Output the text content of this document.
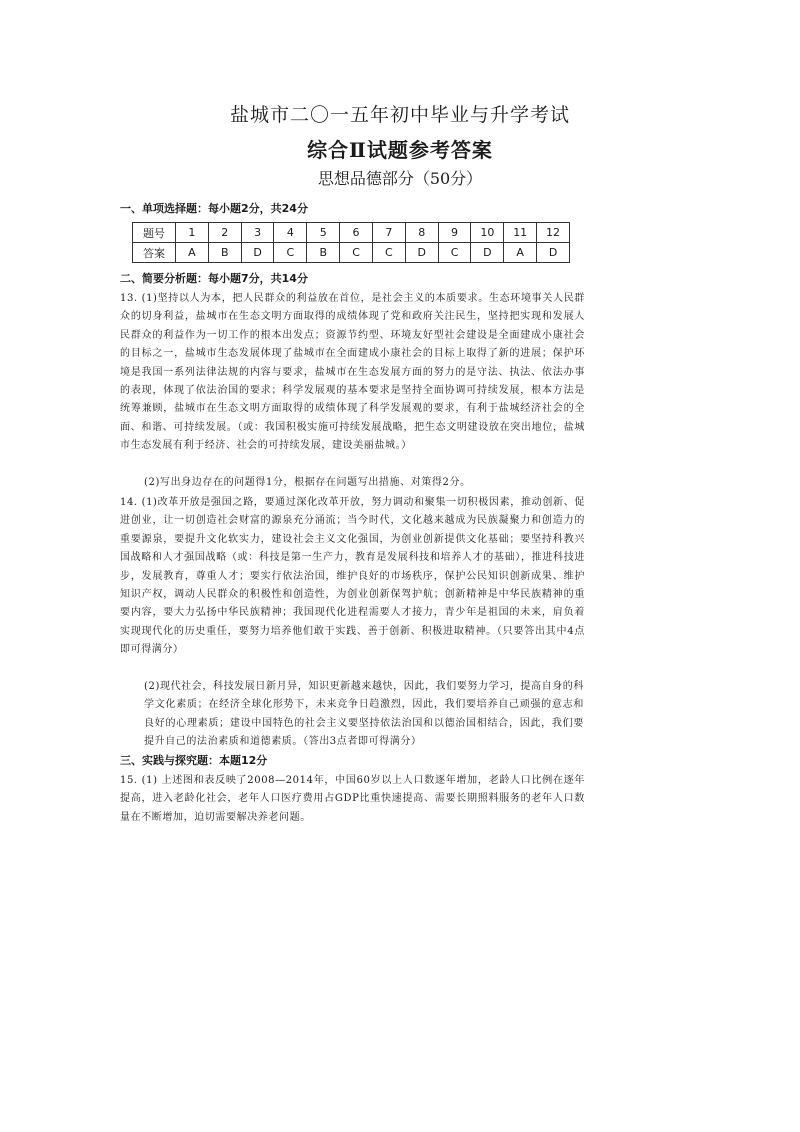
盐城市二〇一五年初中毕业与升学考试
综合Ⅱ试题参考答案
思想品德部分（50分）
一、单项选择题：每小题2分，共24分
题号	1	2	3	4	5	6	7	8	9	10	11	12
答案	A	B	D	C	B	C	C	D	C	D	A	D
二、简要分析题：每小题7分，共14分
13. (1)坚持以人为本，把人民群众的利益放在首位，是社会主义的本质要求。生态环境事关人民群众的切身利益，盐城市在生态文明方面取得的成绩体现了党和政府关注民生，坚持把实现和发展人民群众的利益作为一切工作的根本出发点；资源节约型、环境友好型社会建设是全面建成小康社会的目标之一，盐城市生态发展体现了盐城市在全面建成小康社会的目标上取得了新的进展；保护环境是我国一系列法律法规的内容与要求，盐城市在生态发展方面的努力的是守法、执法、依法办事的表现，体现了依法治国的要求；科学发展观的基本要求是坚持全面协调可持续发展，根本方法是统筹兼顾，盐城市在生态文明方面取得的成绩体现了科学发展观的要求，有利于盐城经济社会的全面、和谐、可持续发展。（或：我国积极实施可持续发展战略，把生态文明建设放在突出地位，盐城市生态发展有利于经济、社会的可持续发展，建设美丽盐城。）
(2)写出身边存在的问题得1分，根据存在问题写出措施、对策得2分。
14. (1)改革开放是强国之路，要通过深化改革开放，努力调动和聚集一切积极因素，推动创新、促进创业，让一切创造社会财富的源泉充分涌流；当今时代，文化越来越成为民族凝聚力和创造力的重要源泉，要提升文化软实力，建设社会主义文化强国，为创业创新提供文化基础；要坚持科教兴国战略和人才强国战略（或：科技是第一生产力，教育是发展科技和培养人才的基础），推进科技进步，发展教育，尊重人才；要实行依法治国，维护良好的市场秩序，保护公民知识创新成果、维护知识产权，调动人民群众的积极性和创造性，为创业创新保驾护航；创新精神是中华民族精神的重要内容，要大力弘扬中华民族精神；我国现代化进程需要人才接力，青少年是祖国的未来，肩负着实现现代化的历史重任，要努力培养他们敢于实践、善于创新、积极进取精神。（只要答出其中4点即可得满分）
(2)现代社会，科技发展日新月异，知识更新越来越快，因此，我们要努力学习，提高自身的科学文化素质；在经济全球化形势下，未来竞争日趋激烈，因此，我们要培养自己顽强的意志和良好的心理素质；建设中国特色的社会主义要坚持依法治国和以德治国相结合，因此，我们要提升自己的法治素质和道德素质。（答出3点者即可得满分）
三、实践与探究题：本题12分
15. (1) 上述图和表反映了2008—2014年，中国60岁以上人口数逐年增加，老龄人口比例在逐年提高，进入老龄化社会，老年人口医疗费用占GDP比重快速提高、需要长期照料服务的老年人口数量在不断增加，迫切需要解决养老问题。
